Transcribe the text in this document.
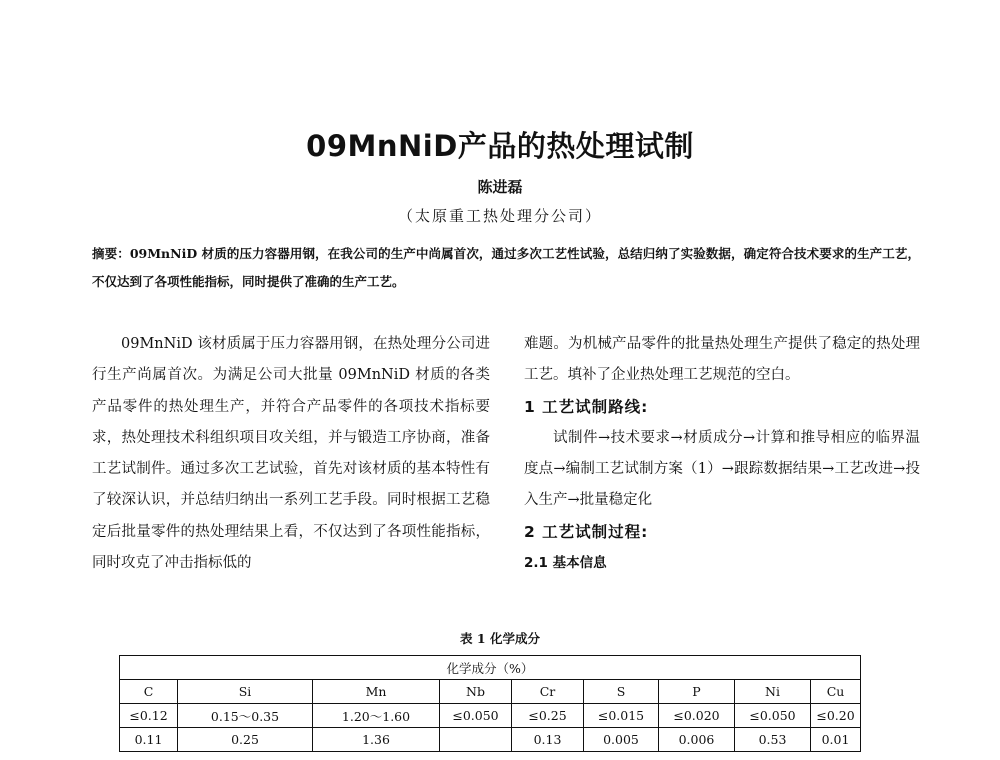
09MnNiD产品的热处理试制
陈进磊
（太原重工热处理分公司）
摘要：09MnNiD 材质的压力容器用钢，在我公司的生产中尚属首次，通过多次工艺性试验，总结归纳了实验数据，确定符合技术要求的生产工艺，不仅达到了各项性能指标，同时提供了准确的生产工艺。

09MnNiD 该材质属于压力容器用钢，在热处理分公司进行生产尚属首次。为满足公司大批量 09MnNiD 材质的各类产品零件的热处理生产，并符合产品零件的各项技术指标要求，热处理技术科组织项目攻关组，并与锻造工序协商，准备工艺试制件。通过多次工艺试验，首先对该材质的基本特性有了较深认识，并总结归纳出一系列工艺手段。同时根据工艺稳定后批量零件的热处理结果上看，不仅达到了各项性能指标，同时攻克了冲击指标低的

难题。为机械产品零件的批量热处理生产提供了稳定的热处理工艺。填补了企业热处理工艺规范的空白。

1 工艺试制路线:

试制件→技术要求→材质成分→计算和推导相应的临界温度点→编制工艺试制方案（1）→跟踪数据结果→工艺改进→投入生产→批量稳定化

2 工艺试制过程:

2.1 基本信息

表 1 化学成分
化学成分（%）								
C	Si	Mn	Nb	Cr	S	P	Ni	Cu
≤0.12	0.15～0.35	1.20～1.60	≤0.050	≤0.25	≤0.015	≤0.020	≤0.050	≤0.20
0.11	0.25	1.36		0.13	0.005	0.006	0.53	0.01
